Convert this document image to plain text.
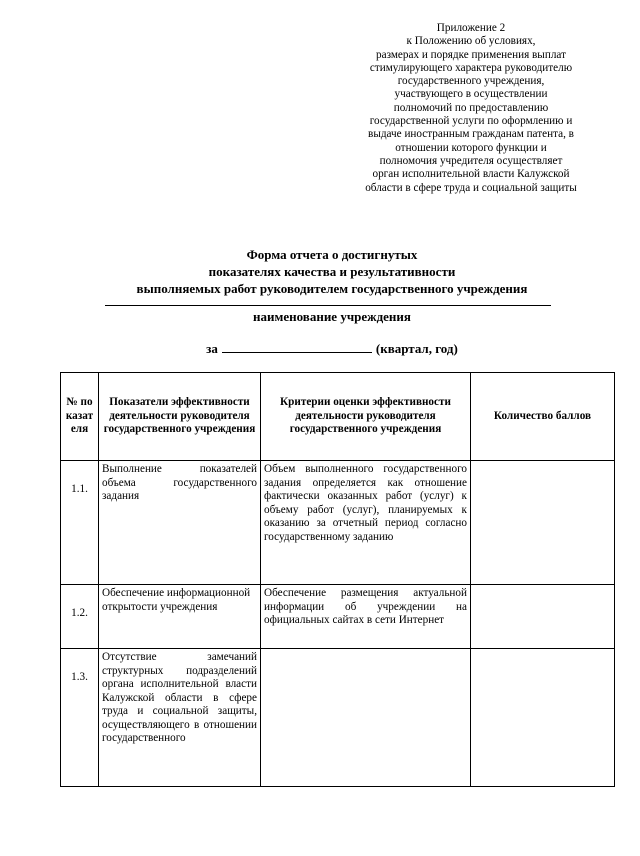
Приложение 2
к Положению об условиях,
размерах и порядке применения выплат
стимулирующего характера руководителю
государственного учреждения,
участвующего в осуществлении
полномочий по предоставлению
государственной услуги по оформлению и
выдаче иностранным гражданам патента, в
отношении которого функции и
полномочия учредителя осуществляет
орган исполнительной власти Калужской
области в сфере труда и социальной защиты
Форма отчета о достигнутых
показателях качества и результативности
выполняемых работ руководителем государственного учреждения
наименование учреждения
за	(квартал, год)
№ показателя	Показатели эффективности деятельности руководителя государственного учреждения	Критерии оценки эффективности деятельности руководителя государственного учреждения	Количество баллов
1.1.	Выполнение показателей объема государственного задания	Объем выполненного государственного задания определяется как отношение фактически оказанных работ (услуг) к объему работ (услуг), планируемых к оказанию за отчетный период согласно государственному заданию	
1.2.	Обеспечение информационной открытости учреждения	Обеспечение размещения актуальной информации об учреждении на официальных сайтах в сети Интернет	
1.3.	Отсутствие замечаний структурных подразделений органа исполнительной власти Калужской области в сфере труда и социальной защиты, осуществляющего в отношении государственного		
